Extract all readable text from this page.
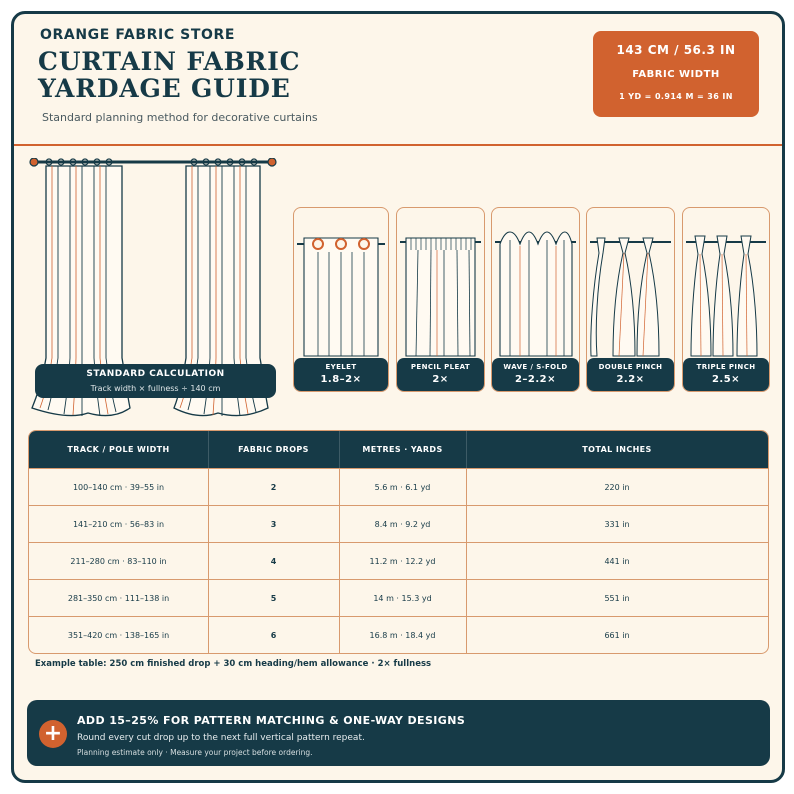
ORANGE FABRIC STORE
CURTAIN FABRIC
YARDAGE GUIDE
Standard planning method for decorative curtains
143 CM / 56.3 IN
FABRIC WIDTH
1 YD = 0.914 M = 36 IN
STANDARD CALCULATION
Track width × fullness ÷ 140 cm
EYELET
1.8–2×
PENCIL PLEAT
2×
WAVE / S-FOLD
2–2.2×
DOUBLE PINCH
2.2×
TRIPLE PINCH
2.5×
TRACK / POLE WIDTH	FABRIC DROPS	METRES · YARDS	TOTAL INCHES
100–140 cm · 39–55 in	2	5.6 m · 6.1 yd	220 in
141–210 cm · 56–83 in	3	8.4 m · 9.2 yd	331 in
211–280 cm · 83–110 in	4	11.2 m · 12.2 yd	441 in
281–350 cm · 111–138 in	5	14 m · 15.3 yd	551 in
351–420 cm · 138–165 in	6	16.8 m · 18.4 yd	661 in
Example table: 250 cm finished drop + 30 cm heading/hem allowance · 2× fullness
+
ADD 15–25% FOR PATTERN MATCHING & ONE-WAY DESIGNS
Round every cut drop up to the next full vertical pattern repeat.
Planning estimate only · Measure your project before ordering.
